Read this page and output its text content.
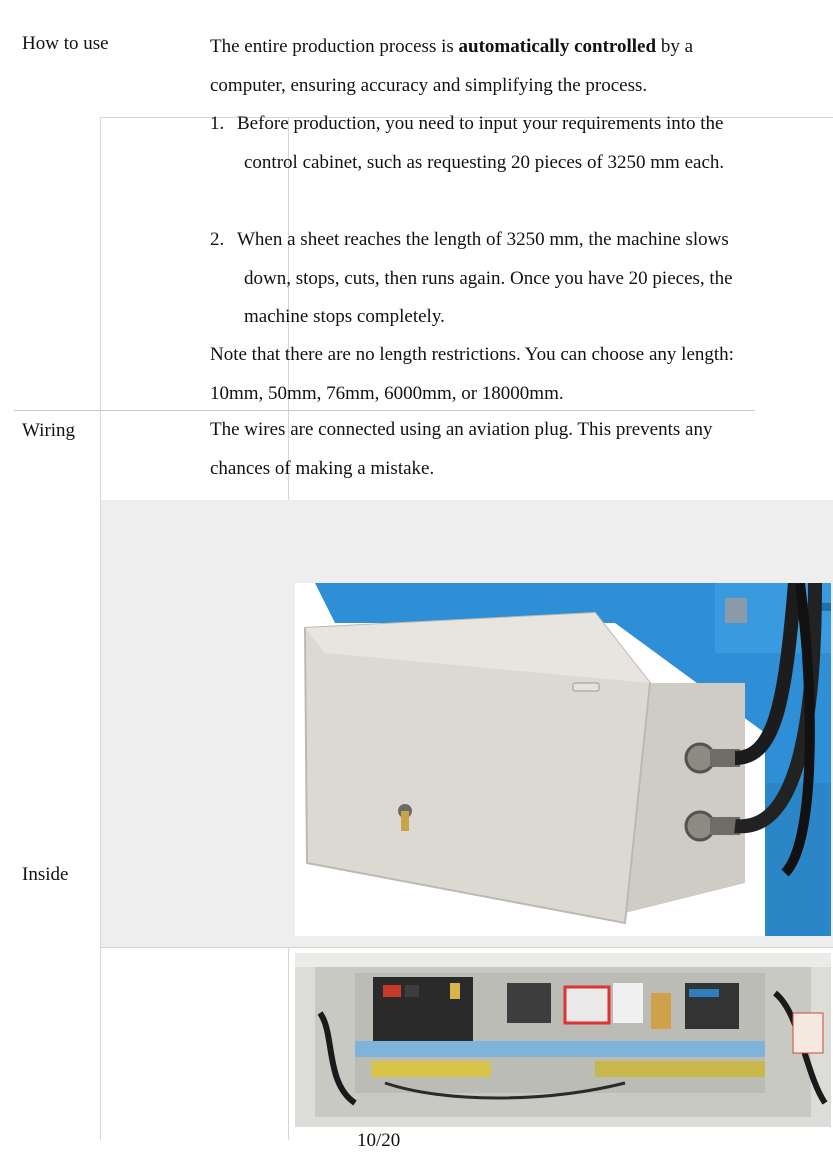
How to use
Wiring
Inside
The entire production process is automatically controlled by a computer, ensuring accuracy and simplifying the process.
1. Before production, you need to input your requirements into the control cabinet, such as requesting 20 pieces of 3250 mm each.
2. When a sheet reaches the length of 3250 mm, the machine slows down, stops, cuts, then runs again. Once you have 20 pieces, the machine stops completely.
Note that there are no length restrictions. You can choose any length: 10mm, 50mm, 76mm, 6000mm, or 18000mm.
The wires are connected using an aviation plug. This prevents any chances of making a mistake.
10/20
